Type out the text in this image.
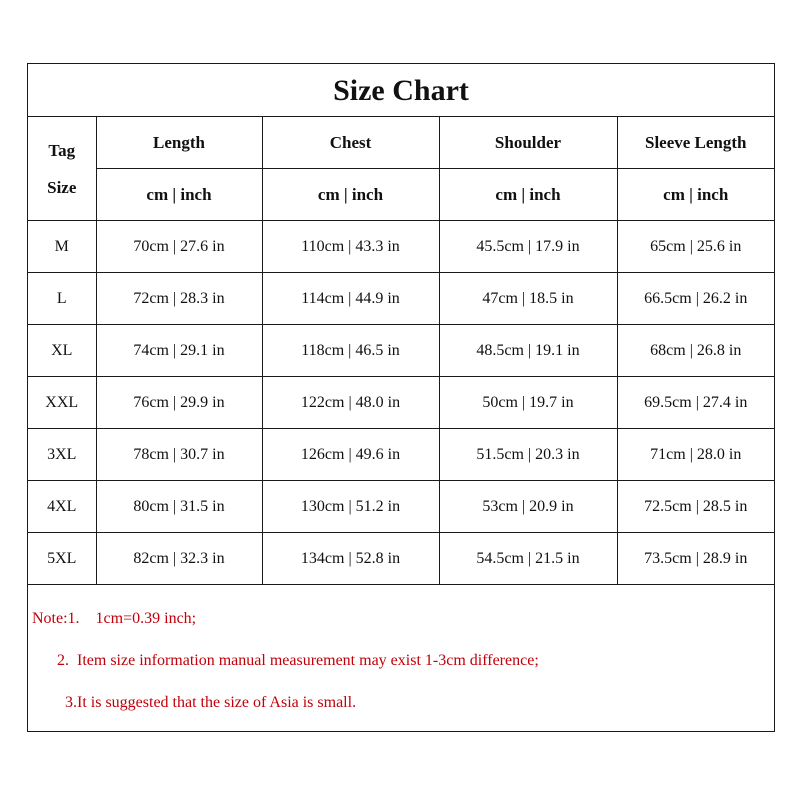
Size Chart
Tag
Size	Length	Chest	Shoulder	Sleeve Length
	cm | inch	cm | inch	cm | inch	cm | inch
M	70cm | 27.6 in	110cm | 43.3 in	45.5cm | 17.9 in	65cm | 25.6 in
L	72cm | 28.3 in	114cm | 44.9 in	47cm | 18.5 in	66.5cm | 26.2 in
XL	74cm | 29.1 in	118cm | 46.5 in	48.5cm | 19.1 in	68cm | 26.8 in
XXL	76cm | 29.9 in	122cm | 48.0 in	50cm | 19.7 in	69.5cm | 27.4 in
3XL	78cm | 30.7 in	126cm | 49.6 in	51.5cm | 20.3 in	71cm | 28.0 in
4XL	80cm | 31.5 in	130cm | 51.2 in	53cm | 20.9 in	72.5cm | 28.5 in
5XL	82cm | 32.3 in	134cm | 52.8 in	54.5cm | 21.5 in	73.5cm | 28.9 in
Note:1.    1cm=0.39 inch;
2.  Item size information manual measurement may exist 1-3cm difference;
3.It is suggested that the size of Asia is small.
